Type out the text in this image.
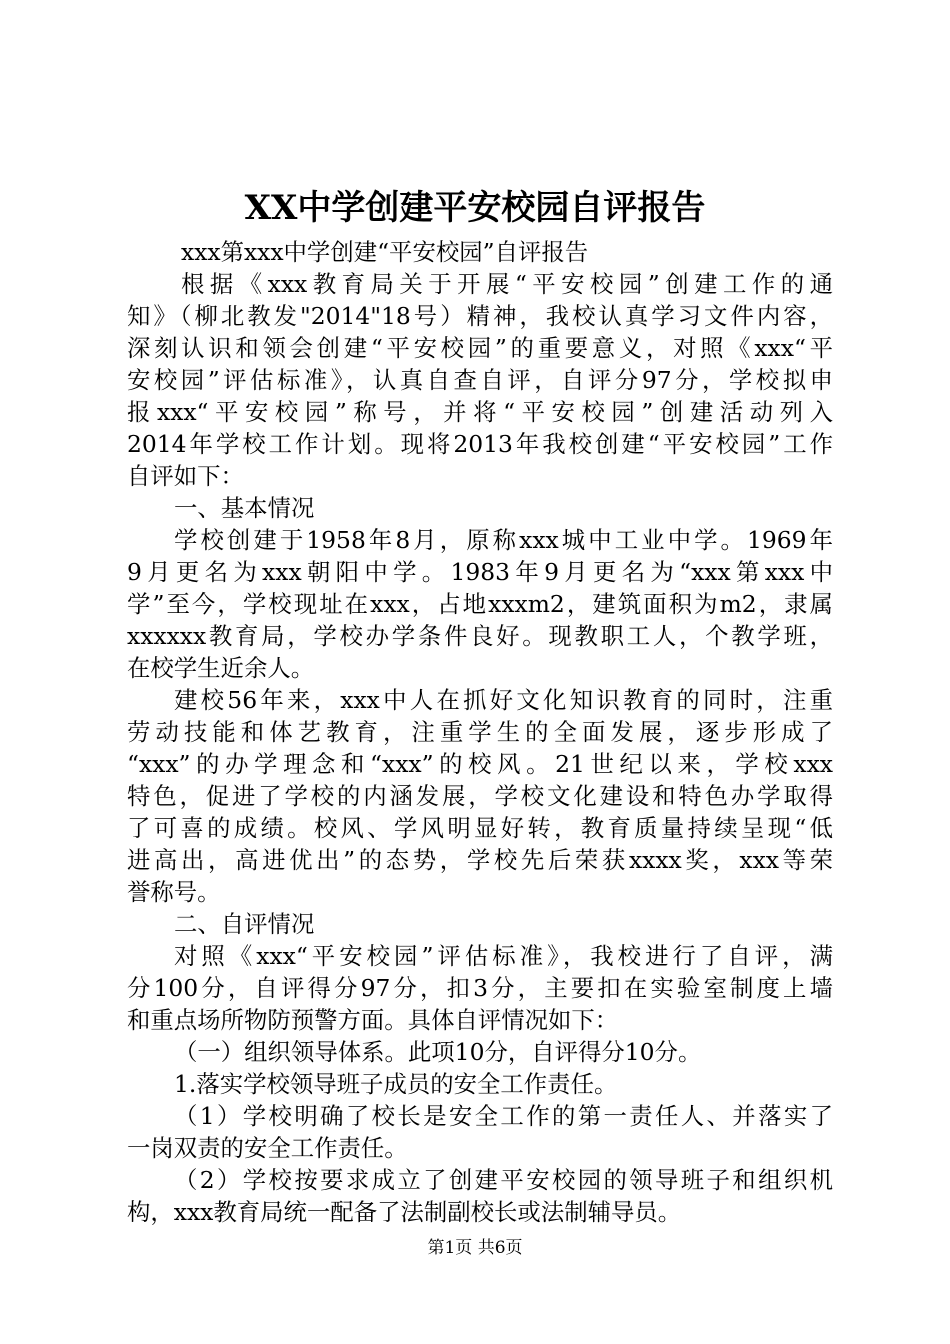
XX中学创建平安校园自评报告
xxx第xxx中学创建“平安校园”自评报告
根据《xxx教育局关于开展“平安校园”创建工作的通
知》（柳北教发"2014"18号）精神，我校认真学习文件内容，
深刻认识和领会创建“平安校园”的重要意义，对照《xxx“平
安校园”评估标准》，认真自查自评，自评分97分，学校拟申
报xxx“平安校园”称号，并将“平安校园”创建活动列入
2014年学校工作计划。现将2013年我校创建“平安校园”工作
自评如下：
一、基本情况
学校创建于1958年8月，原称xxx城中工业中学。1969年
9月更名为xxx朝阳中学。1983年9月更名为“xxx第xxx中
学”至今，学校现址在xxx，占地xxxm2，建筑面积为m2，隶属
xxxxxx教育局，学校办学条件良好。现教职工人，个教学班，
在校学生近余人。
建校56年来，xxx中人在抓好文化知识教育的同时，注重
劳动技能和体艺教育，注重学生的全面发展，逐步形成了
“xxx”的办学理念和“xxx”的校风。21世纪以来，学校xxx
特色，促进了学校的内涵发展，学校文化建设和特色办学取得
了可喜的成绩。校风、学风明显好转，教育质量持续呈现“低
进高出，高进优出”的态势，学校先后荣获xxxx奖，xxx等荣
誉称号。
二、自评情况
对照《xxx“平安校园”评估标准》，我校进行了自评，满
分100分，自评得分97分，扣3分，主要扣在实验室制度上墙
和重点场所物防预警方面。具体自评情况如下：
（一）组织领导体系。此项10分，自评得分10分。
1.落实学校领导班子成员的安全工作责任。
（1）学校明确了校长是安全工作的第一责任人、并落实了
一岗双责的安全工作责任。
（2）学校按要求成立了创建平安校园的领导班子和组织机
构，xxx教育局统一配备了法制副校长或法制辅导员。
第1页 共6页
